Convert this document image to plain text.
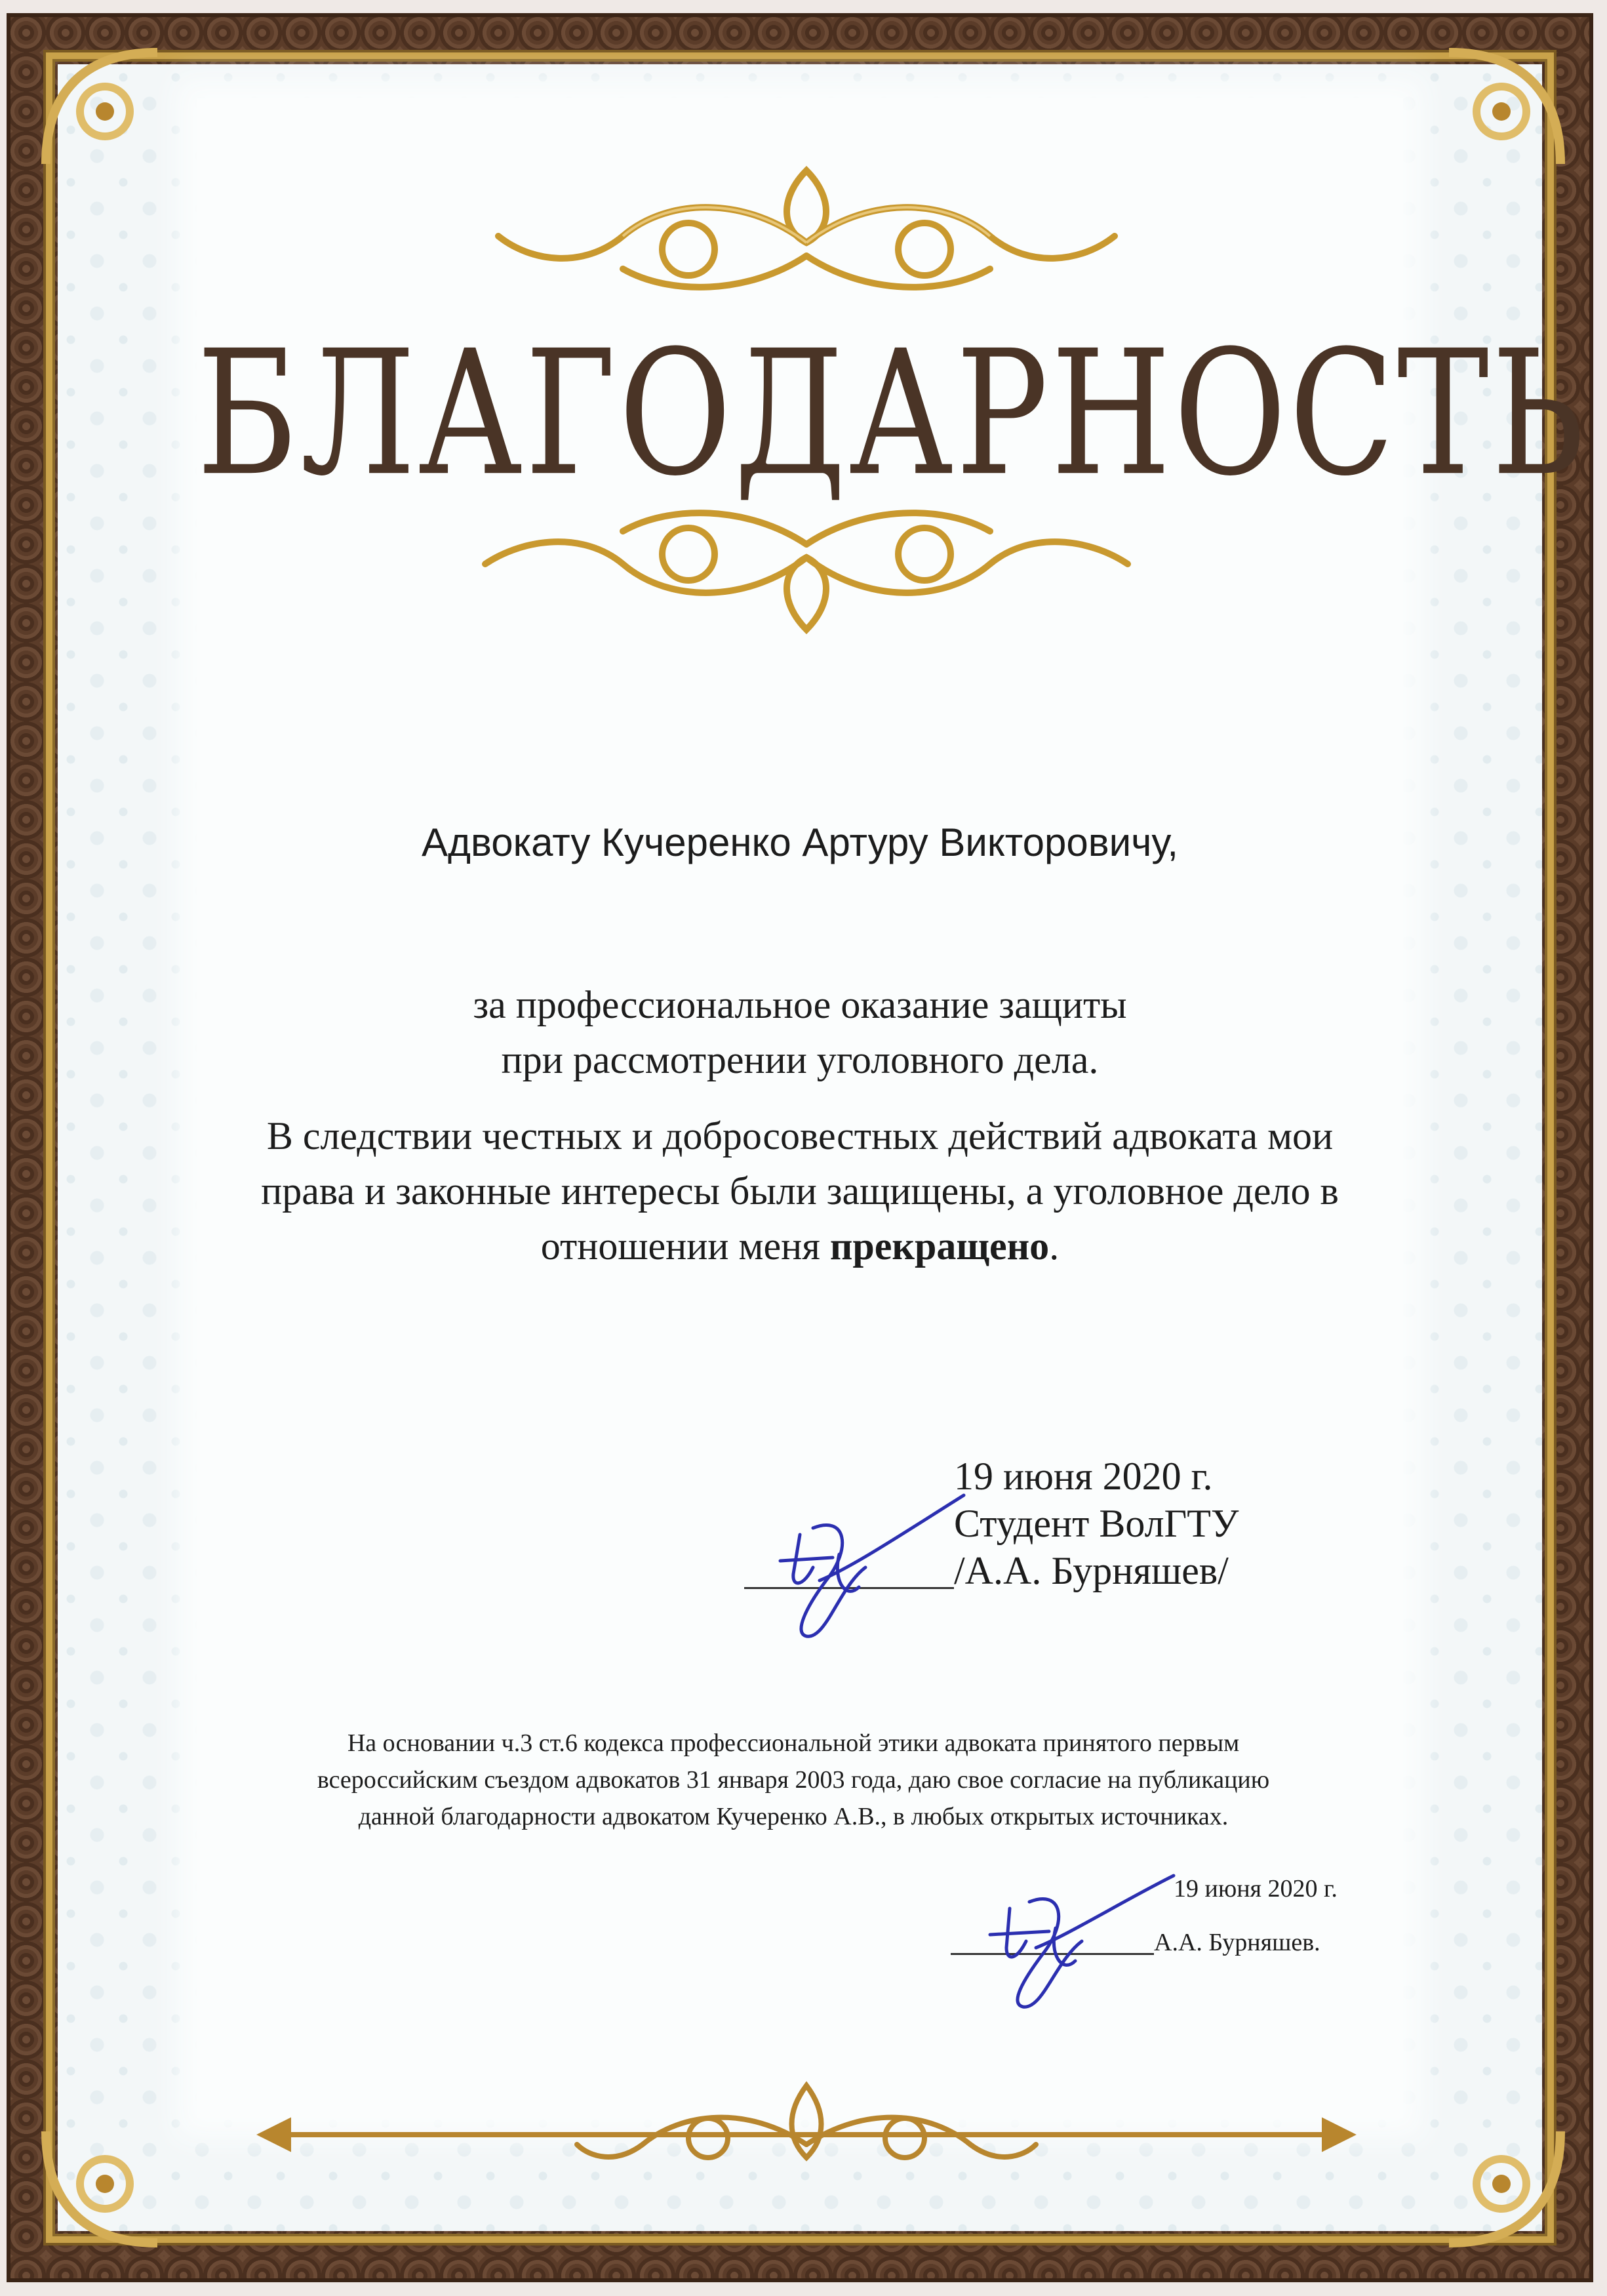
БЛАГОДАРНОСТЬ
Адвокату Кучеренко Артуру Викторовичу,
за профессиональное оказание защиты
при рассмотрении уголовного дела.
В следствии честных и добросовестных действий адвоката мои
права и законные интересы были защищены, а уголовное дело в
отношении меня прекращено.
19 июня 2020 г.
Студент ВолГТУ
/А.А. Бурняшев/
На основании ч.3 ст.6 кодекса профессиональной этики адвоката принятого первым
всероссийским съездом адвокатов 31 января 2003 года, даю свое согласие на публикацию
данной благодарности адвокатом Кучеренко А.В., в любых открытых источниках.
19 июня 2020 г.
А.А. Бурняшев.
